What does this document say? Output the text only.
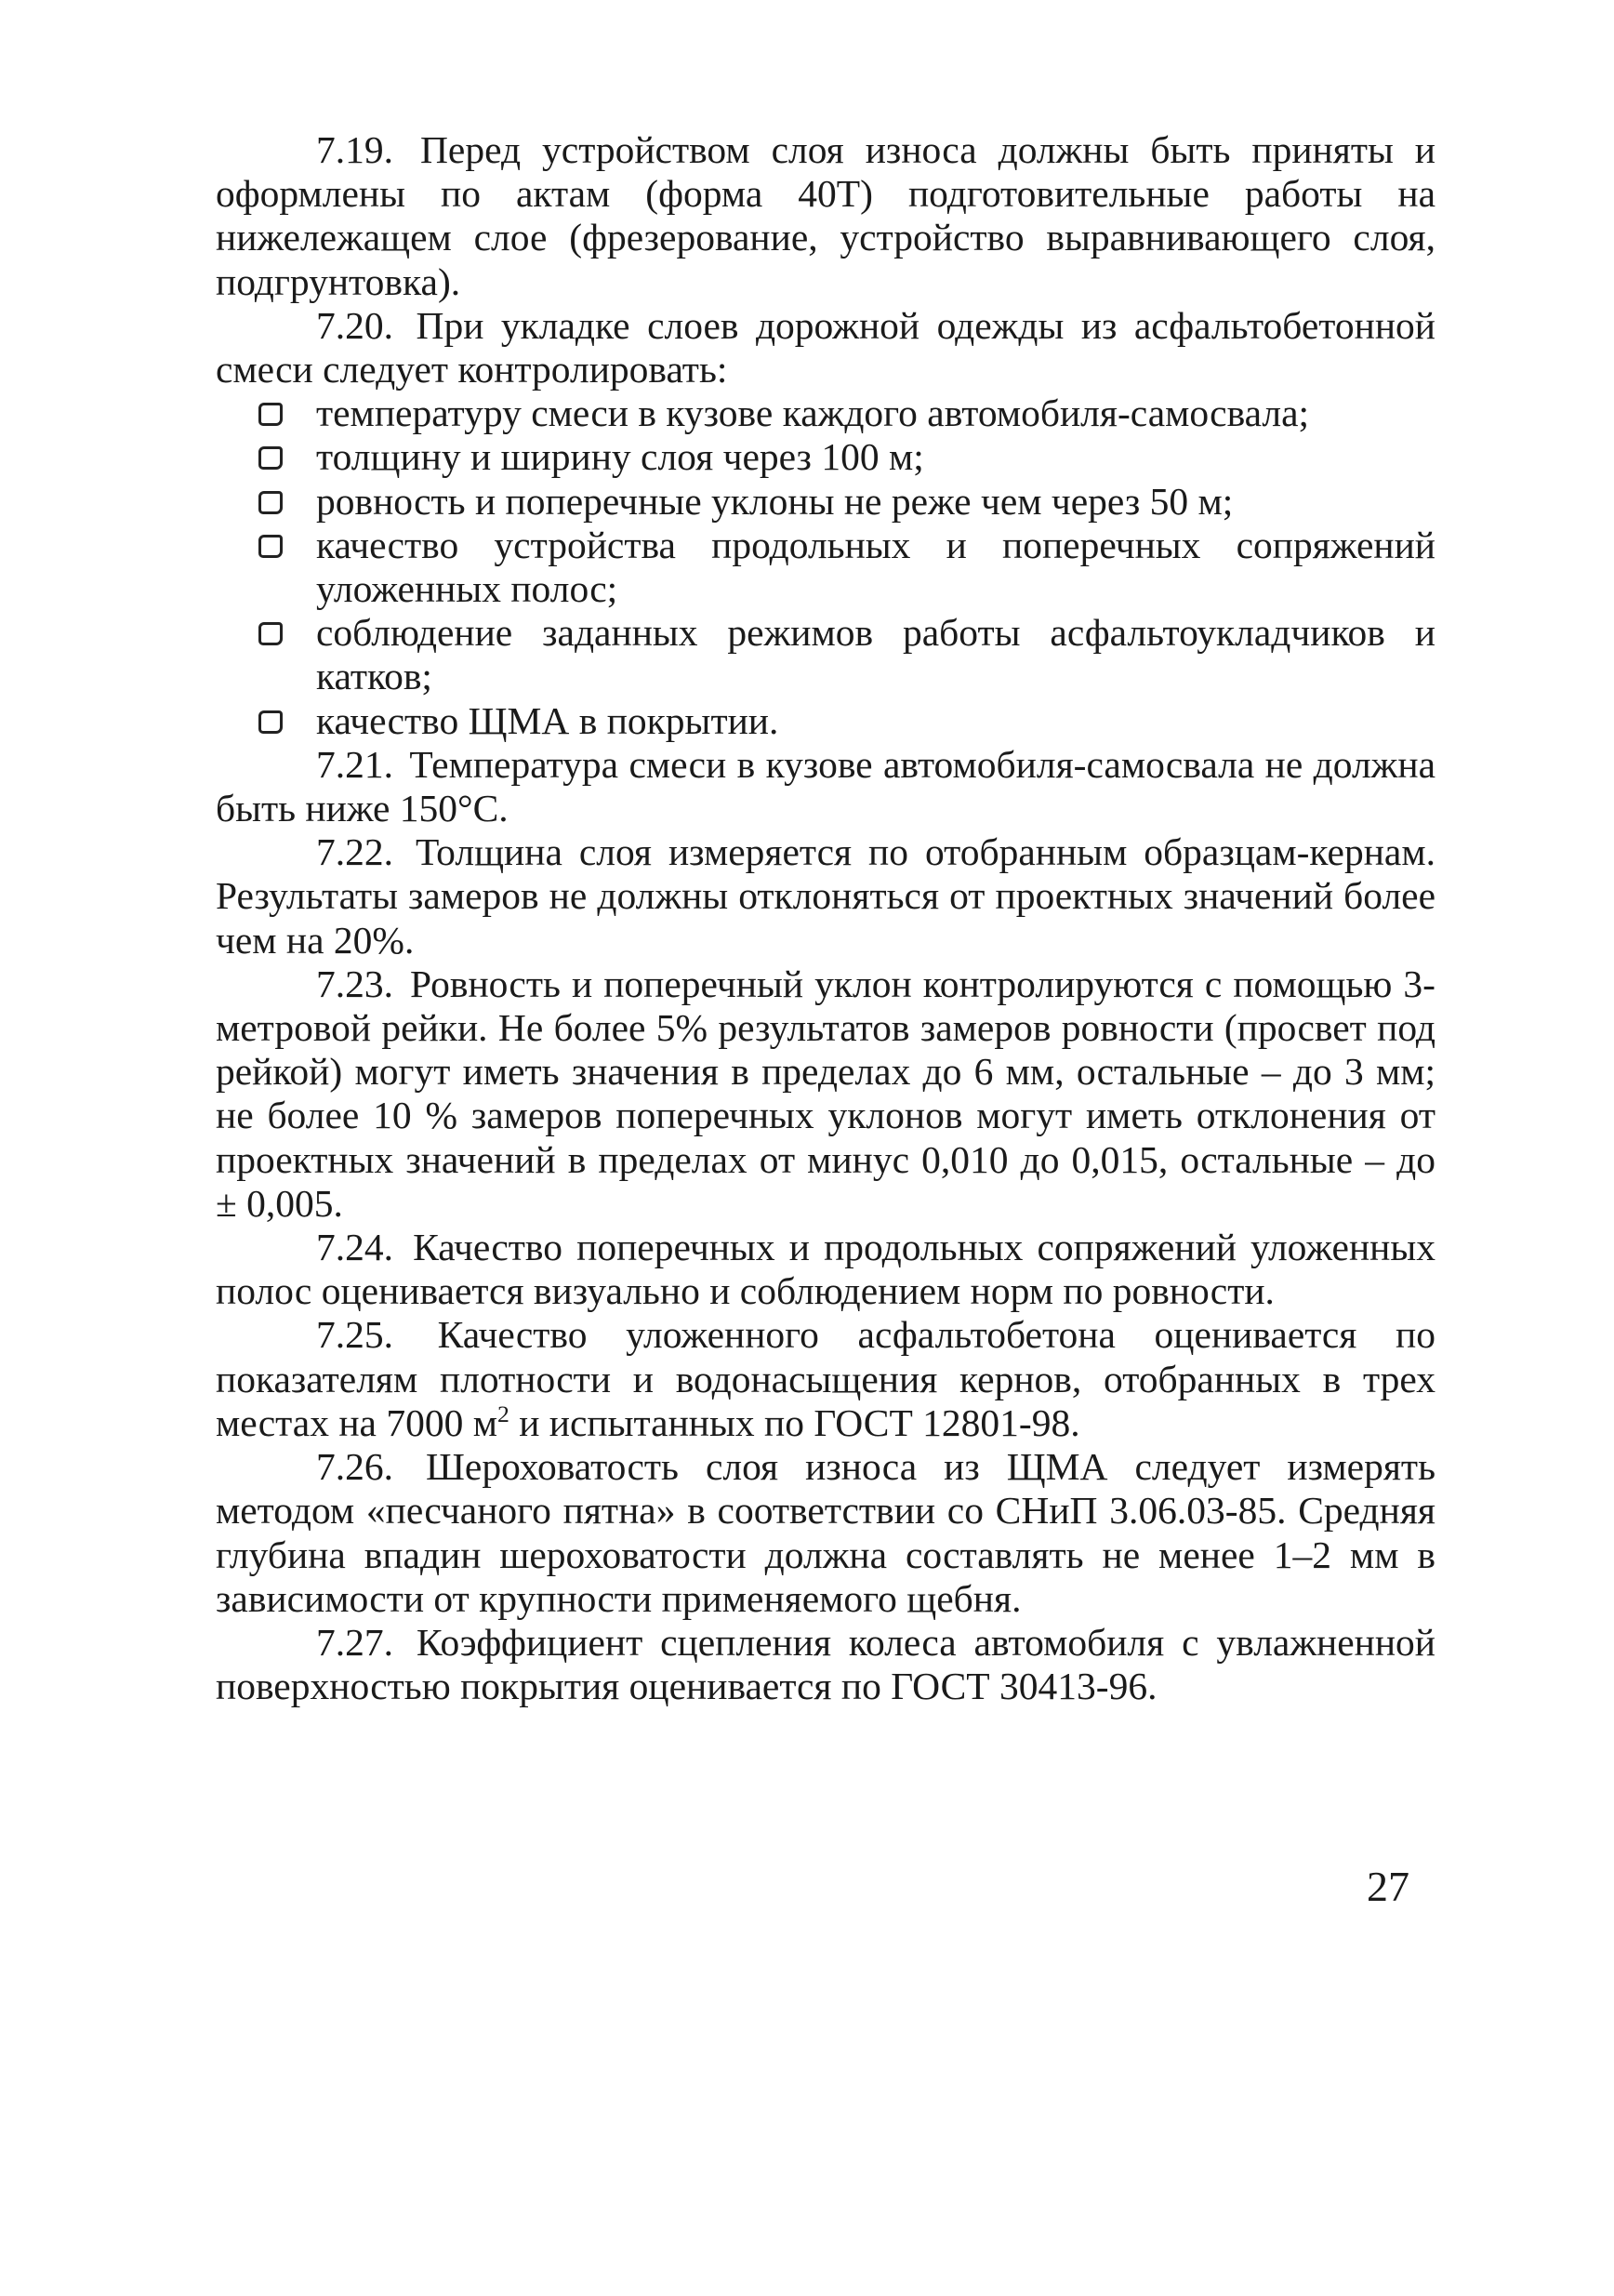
7.19. Перед устройством слоя износа должны быть приняты и оформлены по актам (форма 40Т) подготовительные работы на нижележащем слое (фрезерование, устройство выравнивающего слоя, подгрунтовка).

7.20. При укладке слоев дорожной одежды из асфальтобетонной смеси следует контролировать:

температуру смеси в кузове каждого автомобиля-самосвала;
толщину и ширину слоя через 100 м;
ровность и поперечные уклоны не реже чем через 50 м;
качество устройства продольных и поперечных сопряжений уложенных полос;
соблюдение заданных режимов работы асфальтоукладчиков и катков;
качество ЩМА в покрытии.

7.21. Температура смеси в кузове автомобиля-самосвала не должна быть ниже 150°С.

7.22. Толщина слоя измеряется по отобранным образцам-кернам. Результаты замеров не должны отклоняться от проектных значений более чем на 20%.

7.23. Ровность и поперечный уклон контролируются с помощью 3- метровой рейки. Не более 5% результатов замеров ровности (просвет под рейкой) могут иметь значения в пределах до 6 мм, остальные – до 3 мм; не более 10 % замеров поперечных уклонов могут иметь отклонения от проектных значений в пределах от минус 0,010 до 0,015, остальные – до ± 0,005.

7.24. Качество поперечных и продольных сопряжений уложенных полос оценивается визуально и соблюдением норм по ровности.

7.25. Качество уложенного асфальтобетона оценивается по показателям плотности и водонасыщения кернов, отобранных в трех местах на 7000 $м^2$ и испытанных по ГОСТ 12801-98.

7.26. Шероховатость слоя износа из ЩМА следует измерять методом «песчаного пятна» в соответствии со СНиП 3.06.03-85. Средняя глубина впадин шероховатости должна составлять не менее 1–2 мм в зависимости от крупности применяемого щебня.

7.27. Коэффициент сцепления колеса автомобиля с увлажненной поверхностью покрытия оценивается по ГОСТ 30413-96.

27
